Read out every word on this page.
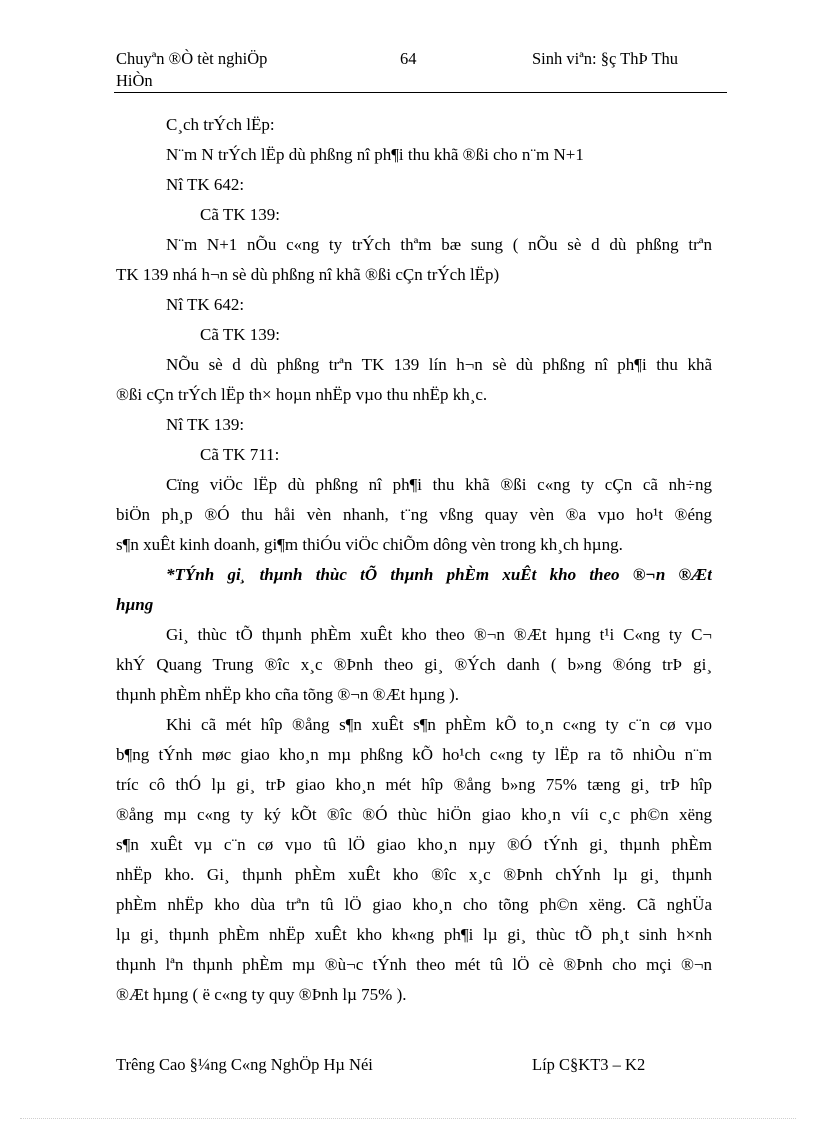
Chuyªn ®Ò tèt nghiÖp
HiÒn
64	Sinh viªn: §ç ThÞ Thu
C¸ch trÝch lËp:
N¨m N trÝch lËp dù phßng nî ph¶i thu khã ®ßi cho n¨m N+1
Nî TK 642:
Cã TK 139:
N¨m N+1 nÕu c«ng ty trÝch thªm bæ sung ( nÕu sè d dù phßng trªn
TK 139 nhá h¬n sè dù phßng nî khã ®ßi cÇn trÝch lËp)
Nî TK 642:
Cã TK 139:
NÕu sè d dù phßng trªn TK 139 lín h¬n sè dù phßng nî ph¶i thu khã
®ßi cÇn trÝch lËp th× hoµn nhËp vµo thu nhËp kh¸c.
Nî TK 139:
Cã TK 711:
Cïng viÖc lËp dù phßng nî ph¶i thu khã ®ßi c«ng ty cÇn cã nh÷ng
biÖn ph¸p ®Ó thu håi vèn nhanh, t¨ng vßng quay vèn ®a vµo ho¹t ®éng
s¶n xuÊt kinh doanh, gi¶m thiÓu viÖc chiÕm dông vèn trong kh¸ch hµng.
*TÝnh gi¸ thµnh thùc tÕ thµnh phÈm xuÊt kho theo ®¬n ®Æt
hµng
Gi¸ thùc tÕ thµnh phÈm xuÊt kho theo ®¬n ®Æt hµng t¹i C«ng ty C¬
khÝ Quang Trung ®îc x¸c ®Þnh theo gi¸ ®Ých danh ( b»ng ®óng trÞ gi¸
thµnh phÈm nhËp kho cña tõng ®¬n ®Æt hµng ).
Khi cã mét hîp ®ång s¶n xuÊt s¶n phÈm kÕ to¸n c«ng ty c¨n cø vµo
b¶ng tÝnh møc giao kho¸n mµ phßng kÕ ho¹ch c«ng ty lËp ra tõ nhiÒu n¨m
tríc cô thÓ lµ gi¸ trÞ giao kho¸n mét hîp ®ång b»ng 75% tæng gi¸ trÞ hîp
®ång mµ c«ng ty ký kÕt ®îc ®Ó thùc hiÖn giao kho¸n víi c¸c ph©n xëng
s¶n xuÊt vµ c¨n cø vµo tû lÖ giao kho¸n nµy ®Ó tÝnh gi¸ thµnh phÈm
nhËp kho. Gi¸ thµnh phÈm xuÊt kho ®îc x¸c ®Þnh chÝnh lµ gi¸ thµnh
phÈm nhËp kho dùa trªn tû lÖ giao kho¸n cho tõng ph©n xëng. Cã nghÜa
lµ gi¸ thµnh phÈm nhËp xuÊt kho kh«ng ph¶i lµ gi¸ thùc tÕ ph¸t sinh h×nh
thµnh lªn thµnh phÈm mµ ®ù¬c tÝnh theo mét tû lÖ cè ®Þnh cho mçi ®¬n
®Æt hµng ( ë c«ng ty quy ®Þnh lµ 75% ).
Trêng Cao §¼ng C«ng NghÖp Hµ Néi	Líp C§KT3 – K2
